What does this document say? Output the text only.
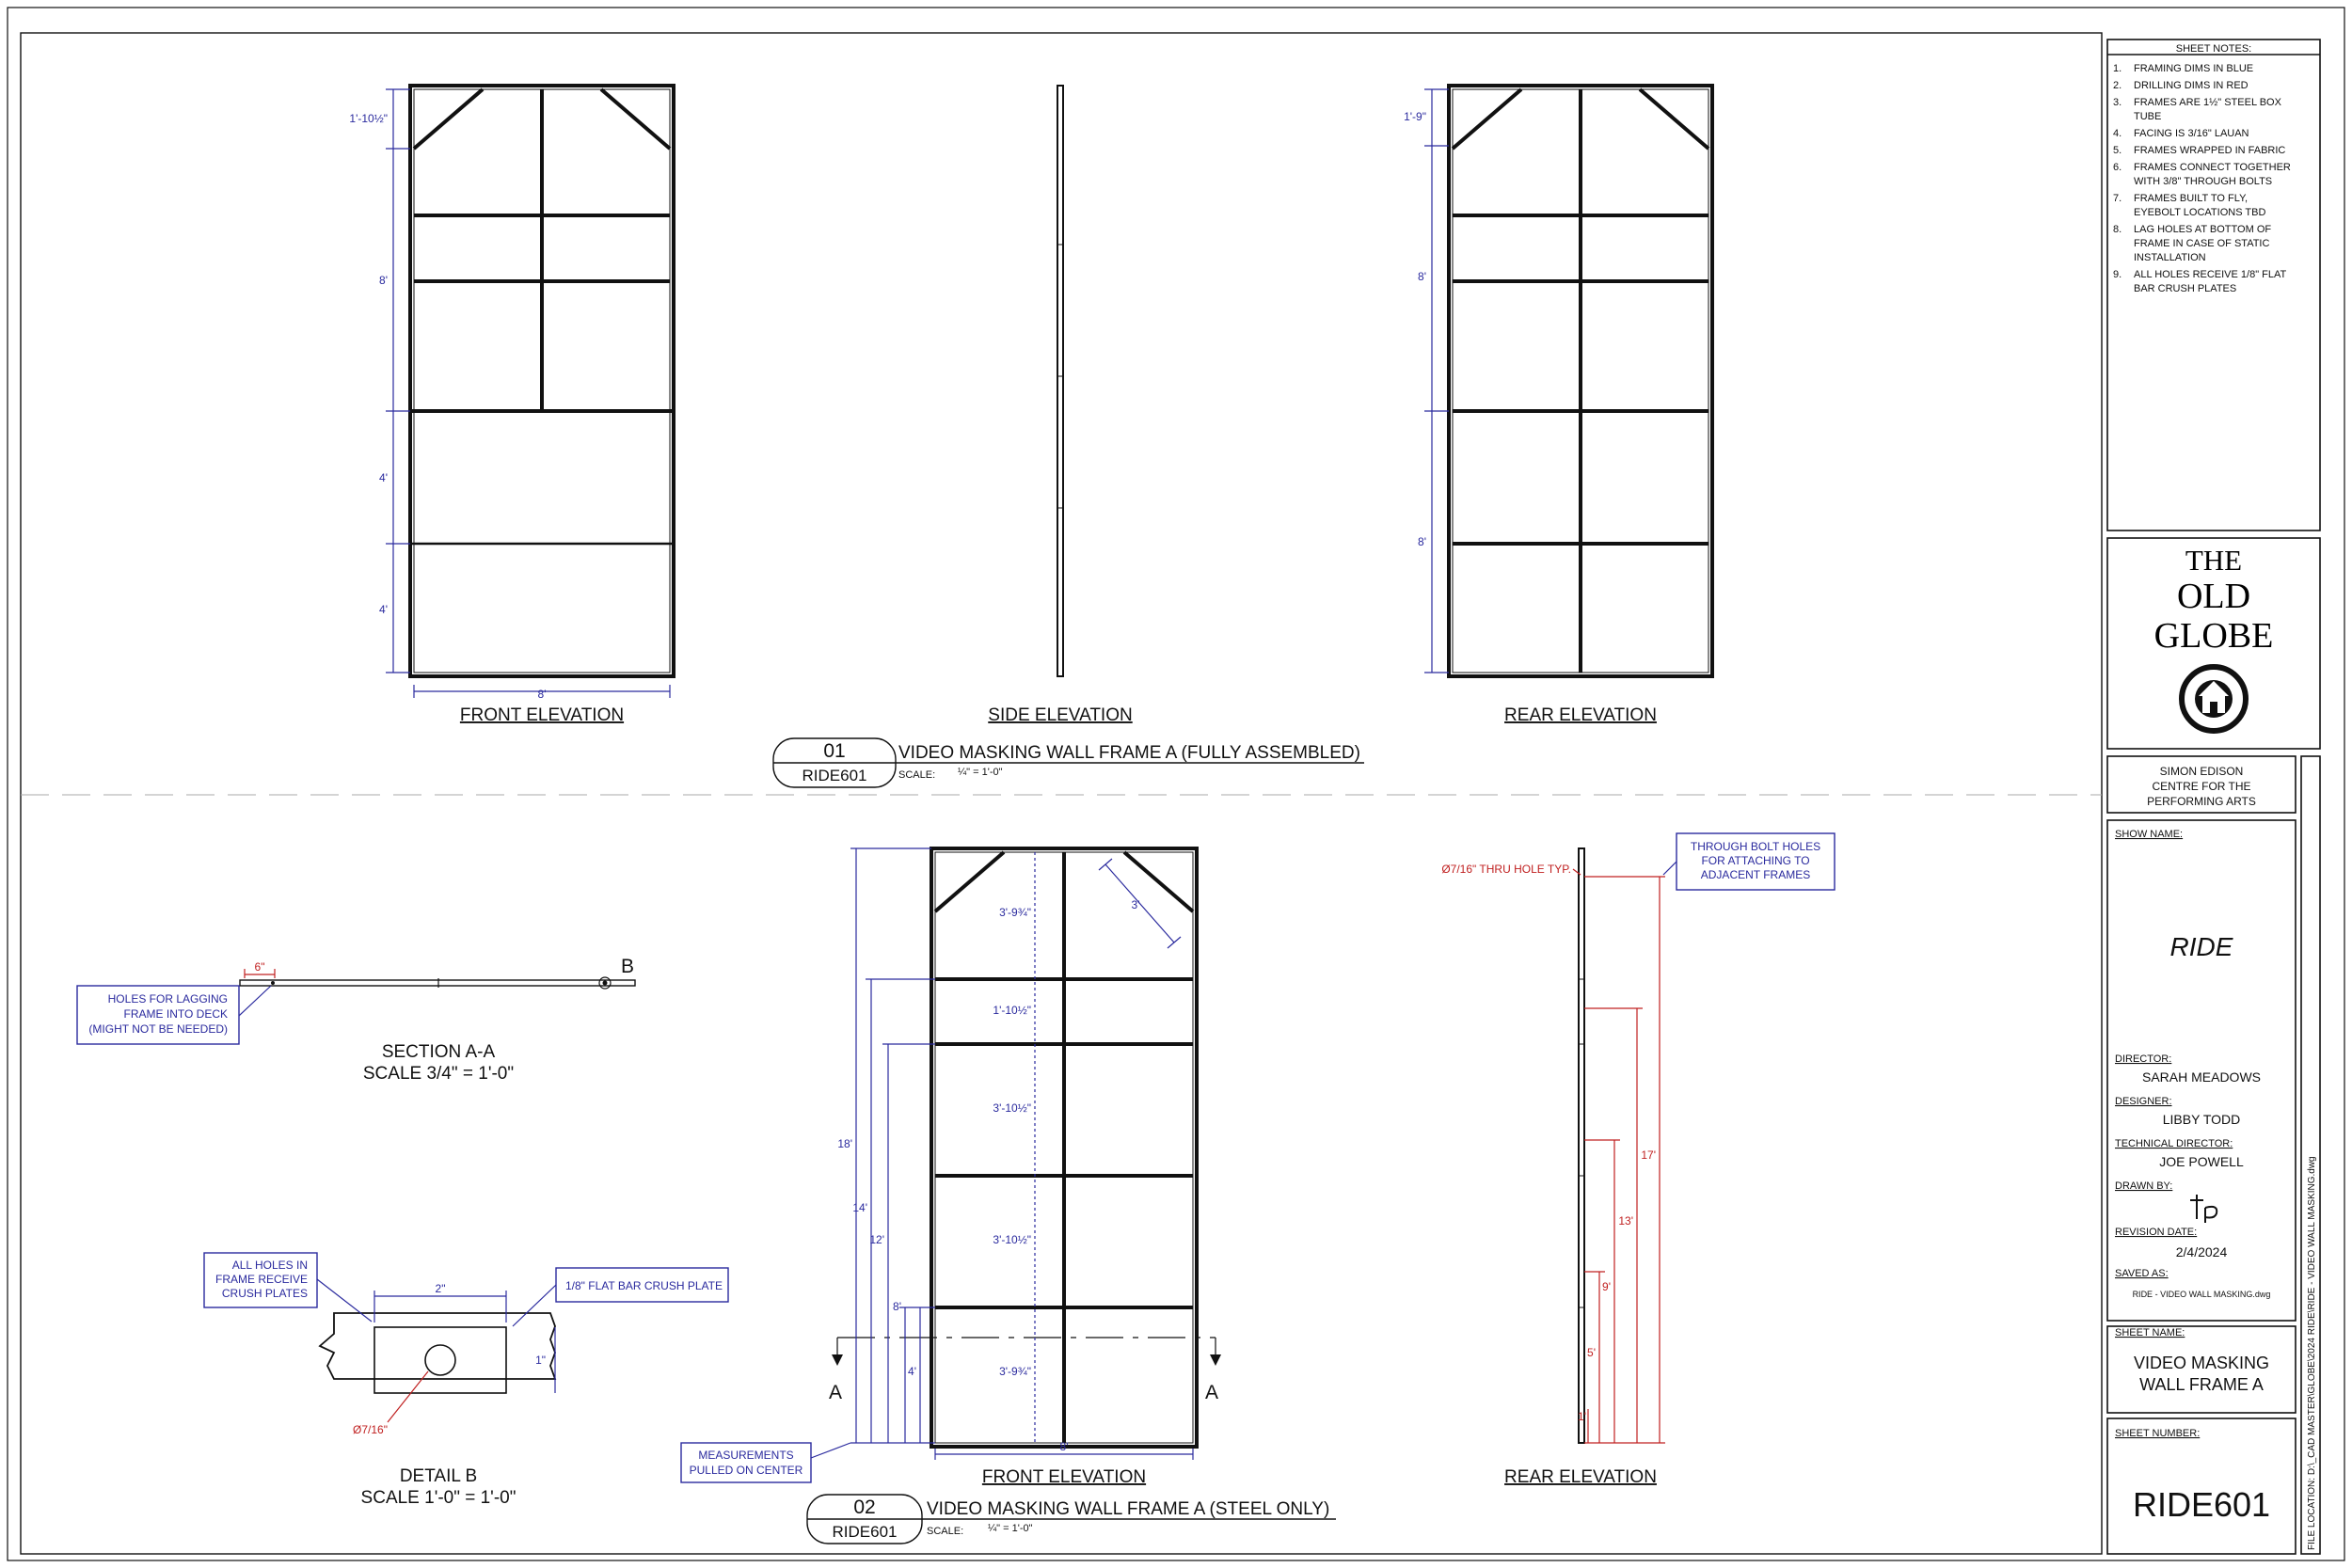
1'-10½"
8'
4'
4'
8'
FRONT ELEVATION	SIDE ELEVATION
1'-9"
8'
8'
REAR ELEVATION
01
RIDE601
VIDEO MASKING WALL FRAME A (FULLY ASSEMBLED)
SCALE: ¼" = 1'-0"
6"	B
HOLES FOR LAGGING
FRAME INTO DECK
(MIGHT NOT BE NEEDED)
SECTION A-A
SCALE 3/4" = 1'-0"
2"
1"
Ø7/16"
ALL HOLES IN
FRAME RECEIVE
CRUSH PLATES
1/8" FLAT BAR CRUSH PLATE
DETAIL B
SCALE 1'-0" = 1'-0"
A	A
3'
3'-9¾"
1'-10½"
3'-10½"
3'-10½"
3'-9¾"
18'
14'
12'
8'
4'
8'
MEASUREMENTS
PULLED ON CENTER	FRONT ELEVATION
17'
13'
9'
5'
1'
Ø7/16" THRU HOLE TYP.
THROUGH BOLT HOLES
FOR ATTACHING TO
ADJACENT FRAMES
REAR ELEVATION
02
RIDE601
VIDEO MASKING WALL FRAME A (STEEL ONLY)
SCALE: ¼" = 1'-0"
SHEET NOTES:
1. FRAMING DIMS IN BLUE
2. DRILLING DIMS IN RED
3. FRAMES ARE 1½" STEEL BOX
TUBE
4. FACING IS 3/16" LAUAN
5. FRAMES WRAPPED IN FABRIC
6. FRAMES CONNECT TOGETHER
WITH 3/8" THROUGH BOLTS
7. FRAMES BUILT TO FLY,
EYEBOLT LOCATIONS TBD
8. LAG HOLES AT BOTTOM OF
FRAME IN CASE OF STATIC
INSTALLATION
9. ALL HOLES RECEIVE 1/8" FLAT
BAR CRUSH PLATES
THE
OLD
GLOBE
SIMON EDISON
CENTRE FOR THE
PERFORMING ARTS
SHOW NAME:
RIDE
DIRECTOR:
SARAH MEADOWS
DESIGNER:
LIBBY TODD
TECHNICAL DIRECTOR:
JOE POWELL
DRAWN BY:
REVISION DATE:
2/4/2024
SAVED AS:
RIDE - VIDEO WALL MASKING.dwg
SHEET NAME:
VIDEO MASKING
WALL FRAME A
SHEET NUMBER:
RIDE601	FILE LOCATION: D:\_CAD MASTER\GLOBE\2024 RIDE\RIDE - VIDEO WALL MASKING.dwg
